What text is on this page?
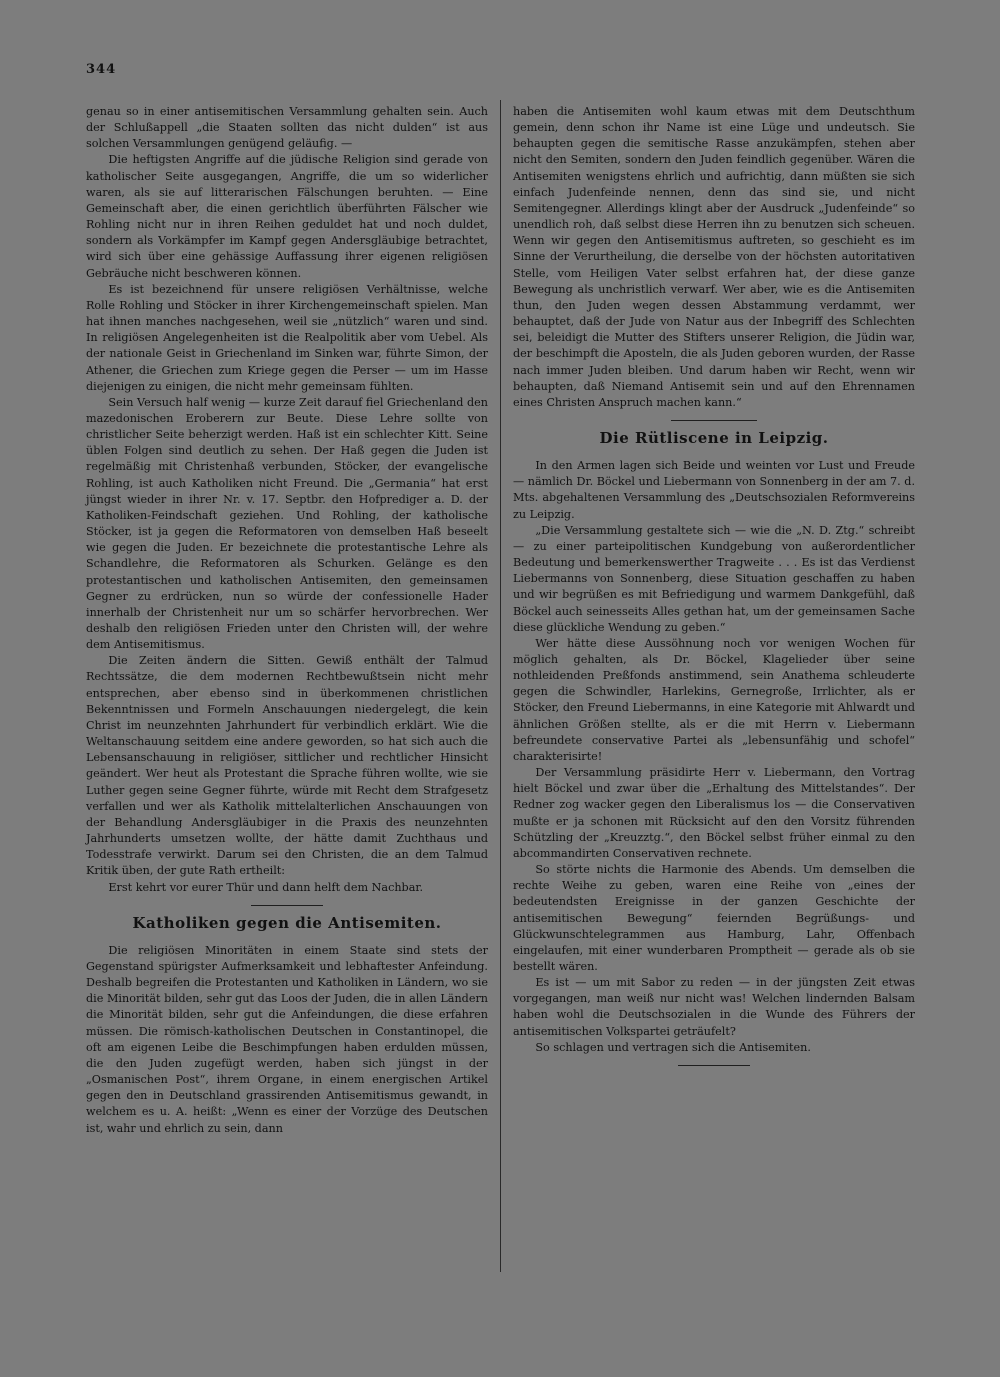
344

genau so in einer antisemitischen Versammlung gehalten sein. Auch der Schlußappell „die Staaten sollten das nicht dulden“ ist aus solchen Versammlungen genügend geläufig. —

Die heftigsten Angriffe auf die jüdische Religion sind gerade von katholischer Seite ausgegangen, Angriffe, die um so widerlicher waren, als sie auf litterarischen Fälschungen beruhten. — Eine Gemeinschaft aber, die einen gerichtlich überführten Fälscher wie Rohling nicht nur in ihren Reihen geduldet hat und noch duldet, sondern als Vorkämpfer im Kampf gegen Andersgläubige betrachtet, wird sich über eine gehässige Auffassung ihrer eigenen religiösen Gebräuche nicht beschweren können.

Es ist bezeichnend für unsere religiösen Verhältnisse, welche Rolle Rohling und Stöcker in ihrer Kirchengemeinschaft spielen. Man hat ihnen manches nachgesehen, weil sie „nützlich“ waren und sind. In religiösen Angelegenheiten ist die Realpolitik aber vom Uebel. Als der nationale Geist in Griechenland im Sinken war, führte Simon, der Athener, die Griechen zum Kriege gegen die Perser — um im Hasse diejenigen zu einigen, die nicht mehr gemeinsam fühlten.

Sein Versuch half wenig — kurze Zeit darauf fiel Griechenland den mazedonischen Eroberern zur Beute. Diese Lehre sollte von christlicher Seite beherzigt werden. Haß ist ein schlechter Kitt. Seine üblen Folgen sind deutlich zu sehen. Der Haß gegen die Juden ist regelmäßig mit Christenhaß verbunden, Stöcker, der evangelische Rohling, ist auch Katholiken nicht Freund. Die „Germania“ hat erst jüngst wieder in ihrer Nr. v. 17. Septbr. den Hofprediger a. D. der Katholiken-Feindschaft geziehen. Und Rohling, der katholische Stöcker, ist ja gegen die Reformatoren von demselben Haß beseelt wie gegen die Juden. Er bezeichnete die protestantische Lehre als Schandlehre, die Reformatoren als Schurken. Gelänge es den protestantischen und katholischen Antisemiten, den gemeinsamen Gegner zu erdrücken, nun so würde der confessionelle Hader innerhalb der Christenheit nur um so schärfer hervorbrechen. Wer deshalb den religiösen Frieden unter den Christen will, der wehre dem Antisemitismus.

Die Zeiten ändern die Sitten. Gewiß enthält der Talmud Rechtssätze, die dem modernen Rechtbewußtsein nicht mehr entsprechen, aber ebenso sind in überkommenen christlichen Bekenntnissen und Formeln Anschauungen niedergelegt, die kein Christ im neunzehnten Jahrhundert für verbindlich erklärt. Wie die Weltanschauung seitdem eine andere geworden, so hat sich auch die Lebensanschauung in religiöser, sittlicher und rechtlicher Hinsicht geändert. Wer heut als Protestant die Sprache führen wollte, wie sie Luther gegen seine Gegner führte, würde mit Recht dem Strafgesetz verfallen und wer als Katholik mittelalterlichen Anschauungen von der Behandlung Andersgläubiger in die Praxis des neunzehnten Jahrhunderts umsetzen wollte, der hätte damit Zuchthaus und Todesstrafe verwirkt. Darum sei den Christen, die an dem Talmud Kritik üben, der gute Rath ertheilt:

Erst kehrt vor eurer Thür und dann helft dem Nachbar.

Katholiken gegen die Antisemiten.

Die religiösen Minoritäten in einem Staate sind stets der Gegenstand spürigster Aufmerksamkeit und lebhaftester Anfeindung. Deshalb begreifen die Protestanten und Katholiken in Ländern, wo sie die Minorität bilden, sehr gut das Loos der Juden, die in allen Ländern die Minorität bilden, sehr gut die Anfeindungen, die diese erfahren müssen. Die römisch-katholischen Deutschen in Constantinopel, die oft am eigenen Leibe die Beschimpfungen haben erdulden müssen, die den Juden zugefügt werden, haben sich jüngst in der „Osmanischen Post“, ihrem Organe, in einem energischen Artikel gegen den in Deutschland grassirenden Antisemitismus gewandt, in welchem es u. A. heißt: „Wenn es einer der Vorzüge des Deutschen ist, wahr und ehrlich zu sein, dann

haben die Antisemiten wohl kaum etwas mit dem Deutschthum gemein, denn schon ihr Name ist eine Lüge und undeutsch. Sie behaupten gegen die semitische Rasse anzukämpfen, stehen aber nicht den Semiten, sondern den Juden feindlich gegenüber. Wären die Antisemiten wenigstens ehrlich und aufrichtig, dann müßten sie sich einfach Judenfeinde nennen, denn das sind sie, und nicht Semitengegner. Allerdings klingt aber der Ausdruck „Judenfeinde“ so unendlich roh, daß selbst diese Herren ihn zu benutzen sich scheuen. Wenn wir gegen den Antisemitismus auftreten, so geschieht es im Sinne der Verurtheilung, die derselbe von der höchsten autoritativen Stelle, vom Heiligen Vater selbst erfahren hat, der diese ganze Bewegung als unchristlich verwarf. Wer aber, wie es die Antisemiten thun, den Juden wegen dessen Abstammung verdammt, wer behauptet, daß der Jude von Natur aus der Inbegriff des Schlechten sei, beleidigt die Mutter des Stifters unserer Religion, die Jüdin war, der beschimpft die Aposteln, die als Juden geboren wurden, der Rasse nach immer Juden bleiben. Und darum haben wir Recht, wenn wir behaupten, daß Niemand Antisemit sein und auf den Ehrennamen eines Christen Anspruch machen kann.“

Die Rütliscene in Leipzig.

In den Armen lagen sich Beide und weinten vor Lust und Freude — nämlich Dr. Böckel und Liebermann von Sonnenberg in der am 7. d. Mts. abgehaltenen Versammlung des „Deutschsozialen Reformvereins zu Leipzig.

„Die Versammlung gestaltete sich — wie die „N. D. Ztg.“ schreibt — zu einer parteipolitischen Kundgebung von außerordentlicher Bedeutung und bemerkenswerther Tragweite . . . Es ist das Verdienst Liebermanns von Sonnenberg, diese Situation geschaffen zu haben und wir begrüßen es mit Befriedigung und warmem Dankgefühl, daß Böckel auch seinesseits Alles gethan hat, um der gemeinsamen Sache diese glückliche Wendung zu geben.“

Wer hätte diese Aussöhnung noch vor wenigen Wochen für möglich gehalten, als Dr. Böckel, Klagelieder über seine nothleidenden Preßfonds anstimmend, sein Anathema schleuderte gegen die Schwindler, Harlekins, Gernegroße, Irrlichter, als er Stöcker, den Freund Liebermanns, in eine Kategorie mit Ahlwardt und ähnlichen Größen stellte, als er die mit Herrn v. Liebermann befreundete conservative Partei als „lebensunfähig und schofel“ charakterisirte!

Der Versammlung präsidirte Herr v. Liebermann, den Vortrag hielt Böckel und zwar über die „Erhaltung des Mittelstandes“. Der Redner zog wacker gegen den Liberalismus los — die Conservativen mußte er ja schonen mit Rücksicht auf den den Vorsitz führenden Schützling der „Kreuzztg.“, den Böckel selbst früher einmal zu den abcommandirten Conservativen rechnete.

So störte nichts die Harmonie des Abends. Um demselben die rechte Weihe zu geben, waren eine Reihe von „eines der bedeutendsten Ereignisse in der ganzen Geschichte der antisemitischen Bewegung“ feiernden Begrüßungs- und Glückwunschtelegrammen aus Hamburg, Lahr, Offenbach eingelaufen, mit einer wunderbaren Promptheit — gerade als ob sie bestellt wären.

Es ist — um mit Sabor zu reden — in der jüngsten Zeit etwas vorgegangen, man weiß nur nicht was! Welchen lindernden Balsam haben wohl die Deutschsozialen in die Wunde des Führers der antisemitischen Volkspartei geträufelt?

So schlagen und vertragen sich die Antisemiten.
